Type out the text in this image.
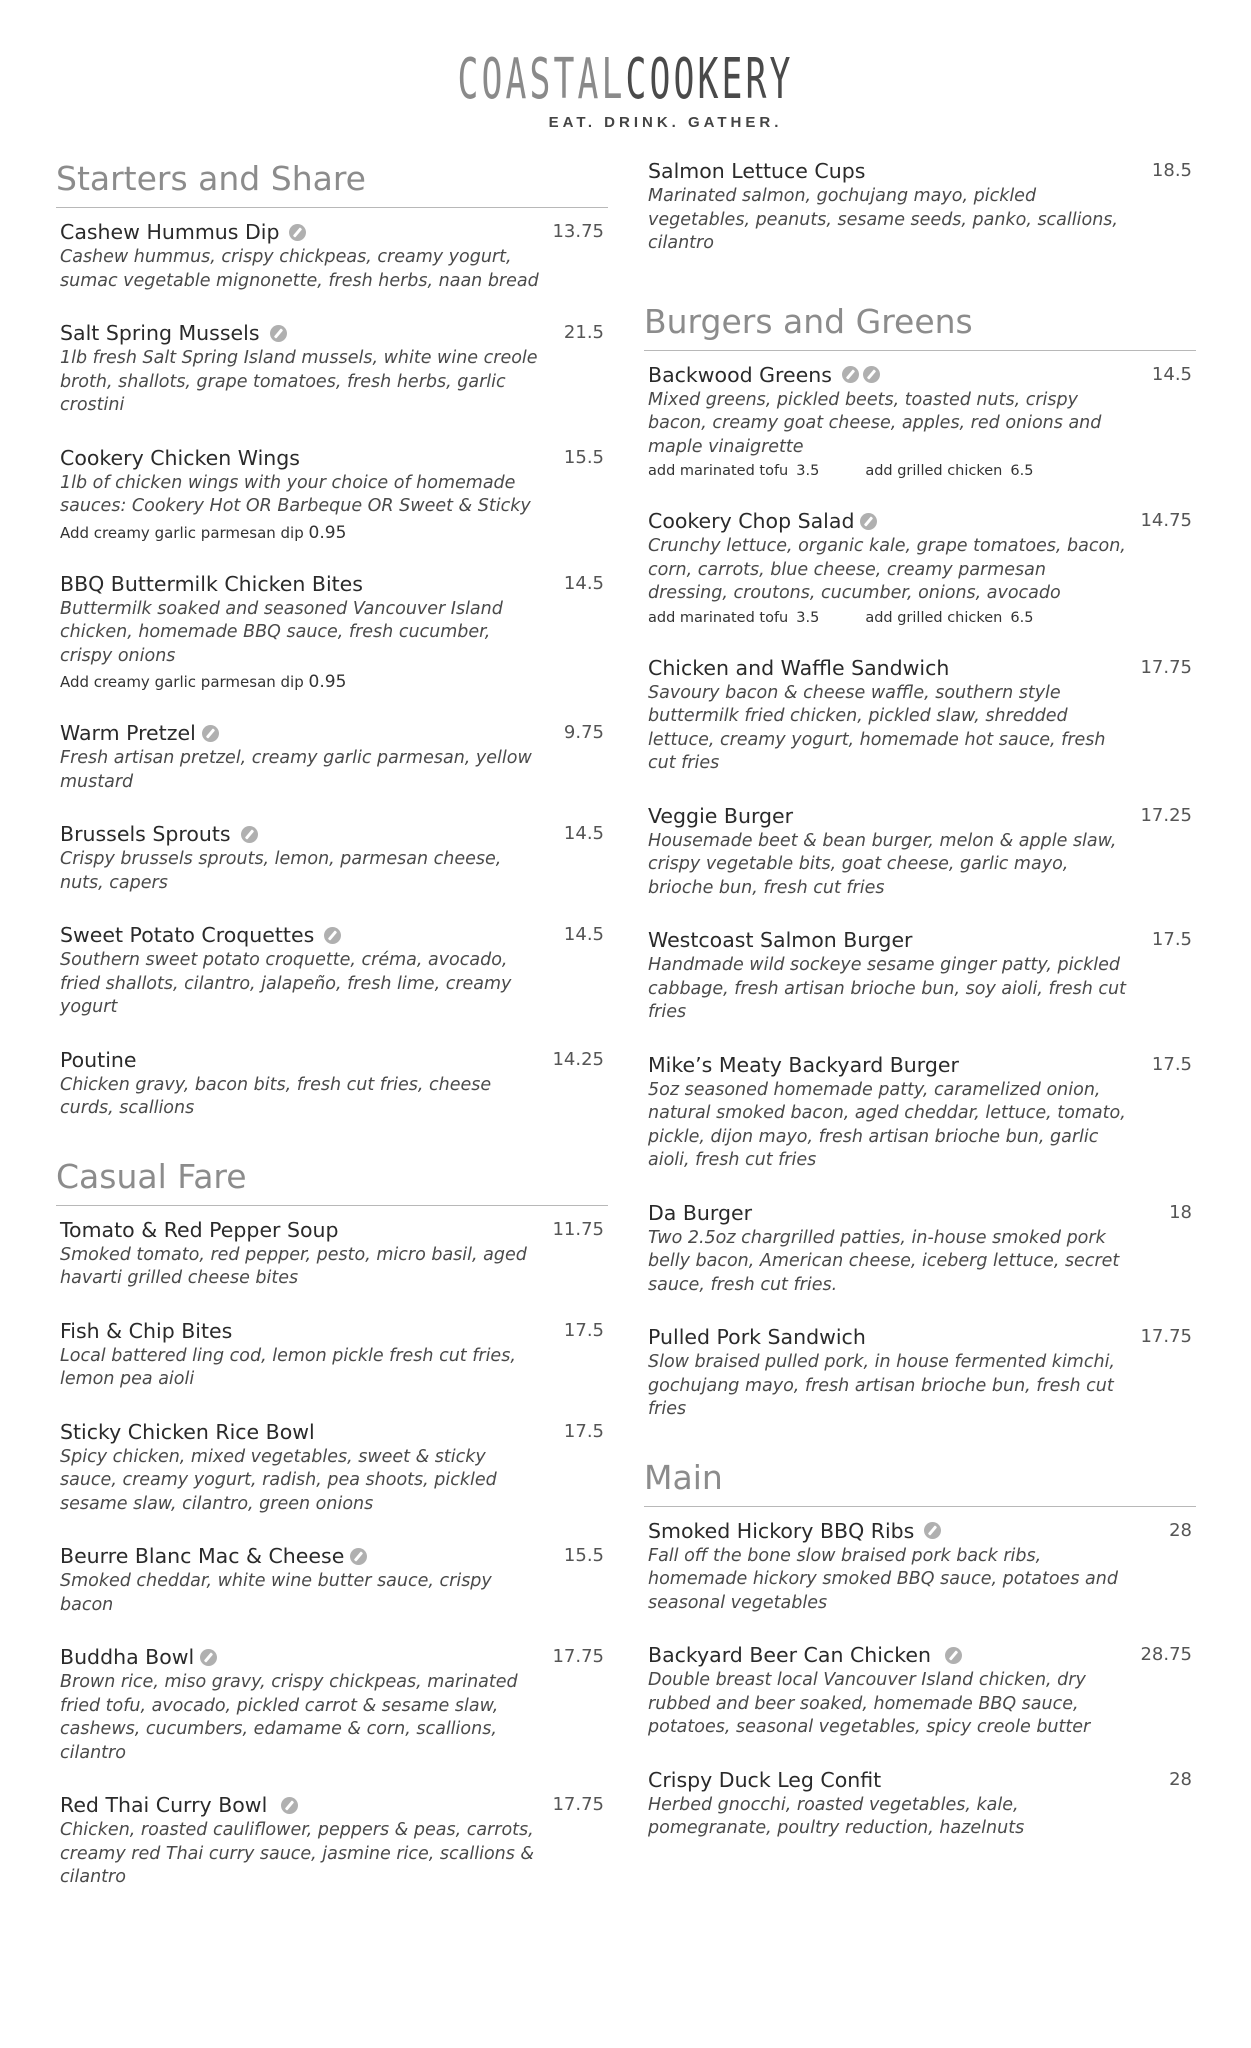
COASTALCOOKERY
EAT. DRINK. GATHER.
Starters and Share
Cashew Hummus Dip	13.75
Cashew hummus, crispy chickpeas, creamy yogurt, sumac vegetable mignonette, fresh herbs, naan bread
Salt Spring Mussels	21.5
1lb fresh Salt Spring Island mussels, white wine creole broth, shallots, grape tomatoes, fresh herbs, garlic crostini
Cookery Chicken Wings	15.5
1lb of chicken wings with your choice of homemade sauces: Cookery Hot OR Barbeque OR Sweet & Sticky
Add creamy garlic parmesan dip 0.95
BBQ Buttermilk Chicken Bites	14.5
Buttermilk soaked and seasoned Vancouver Island chicken, homemade BBQ sauce, fresh cucumber, crispy onions
Add creamy garlic parmesan dip 0.95
Warm Pretzel	9.75
Fresh artisan pretzel, creamy garlic parmesan, yellow mustard
Brussels Sprouts	14.5
Crispy brussels sprouts, lemon, parmesan cheese, nuts, capers
Sweet Potato Croquettes	14.5
Southern sweet potato croquette, créma, avocado, fried shallots, cilantro, jalapeño, fresh lime, creamy yogurt
Poutine	14.25
Chicken gravy, bacon bits, fresh cut fries, cheese curds, scallions
Casual Fare
Tomato & Red Pepper Soup	11.75
Smoked tomato, red pepper, pesto, micro basil, aged havarti grilled cheese bites
Fish & Chip Bites	17.5
Local battered ling cod, lemon pickle fresh cut fries, lemon pea aioli
Sticky Chicken Rice Bowl	17.5
Spicy chicken, mixed vegetables, sweet & sticky sauce, creamy yogurt, radish, pea shoots, pickled sesame slaw, cilantro, green onions
Beurre Blanc Mac & Cheese	15.5
Smoked cheddar, white wine butter sauce, crispy bacon
Buddha Bowl	17.75
Brown rice, miso gravy, crispy chickpeas, marinated fried tofu, avocado, pickled carrot & sesame slaw, cashews, cucumbers, edamame & corn, scallions, cilantro
Red Thai Curry Bowl	17.75
Chicken, roasted cauliflower, peppers & peas, carrots, creamy red Thai curry sauce, jasmine rice, scallions & cilantro
Salmon Lettuce Cups	18.5
Marinated salmon, gochujang mayo, pickled vegetables, peanuts, sesame seeds, panko, scallions, cilantro
Burgers and Greens
Backwood Greens	14.5
Mixed greens, pickled beets, toasted nuts, crispy bacon, creamy goat cheese, apples, red onions and maple vinaigrette
add marinated tofu 3.5	add grilled chicken 6.5
Cookery Chop Salad	14.75
Crunchy lettuce, organic kale, grape tomatoes, bacon, corn, carrots, blue cheese, creamy parmesan dressing, croutons, cucumber, onions, avocado
add marinated tofu 3.5	add grilled chicken 6.5
Chicken and Waffle Sandwich	17.75
Savoury bacon & cheese waffle, southern style buttermilk fried chicken, pickled slaw, shredded lettuce, creamy yogurt, homemade hot sauce, fresh cut fries
Veggie Burger	17.25
Housemade beet & bean burger, melon & apple slaw, crispy vegetable bits, goat cheese, garlic mayo, brioche bun, fresh cut fries
Westcoast Salmon Burger	17.5
Handmade wild sockeye sesame ginger patty, pickled cabbage, fresh artisan brioche bun, soy aioli, fresh cut fries
Mike’s Meaty Backyard Burger	17.5
5oz seasoned homemade patty, caramelized onion, natural smoked bacon, aged cheddar, lettuce, tomato, pickle, dijon mayo, fresh artisan brioche bun, garlic aioli, fresh cut fries
Da Burger	18
Two 2.5oz chargrilled patties, in-house smoked pork belly bacon, American cheese, iceberg lettuce, secret sauce, fresh cut fries.
Pulled Pork Sandwich	17.75
Slow braised pulled pork, in house fermented kimchi, gochujang mayo, fresh artisan brioche bun, fresh cut fries
Main
Smoked Hickory BBQ Ribs	28
Fall off the bone slow braised pork back ribs, homemade hickory smoked BBQ sauce, potatoes and seasonal vegetables
Backyard Beer Can Chicken	28.75
Double breast local Vancouver Island chicken, dry rubbed and beer soaked, homemade BBQ sauce, potatoes, seasonal vegetables, spicy creole butter
Crispy Duck Leg Confit	28
Herbed gnocchi, roasted vegetables, kale, pomegranate, poultry reduction, hazelnuts
